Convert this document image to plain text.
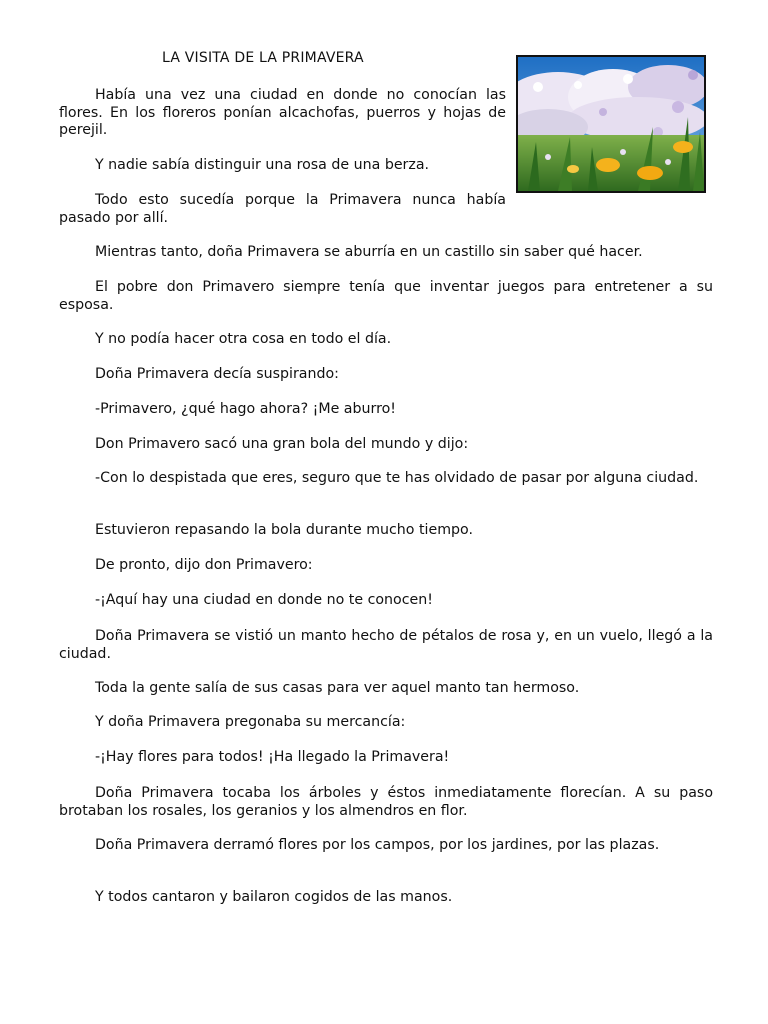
LA VISITA DE LA PRIMAVERA

Había una vez una ciudad en donde no conocían las flores. En los floreros ponían alcachofas, puerros y hojas de perejil.

Y nadie sabía distinguir una rosa de una berza.

Todo esto sucedía porque la Primavera nunca había pasado por allí.

Mientras tanto, doña Primavera se aburría en un castillo sin saber qué hacer.

El pobre don Primavero siempre tenía que inventar juegos para entretener a su esposa.

Y no podía hacer otra cosa en todo el día.

Doña Primavera decía suspirando:

-Primavero, ¿qué hago ahora? ¡Me aburro!

Don Primavero sacó una gran bola del mundo y dijo:

-Con lo despistada que eres, seguro que te has olvidado de pasar por alguna ciudad.

Estuvieron repasando la bola durante mucho tiempo.

De pronto, dijo don Primavero:

-¡Aquí hay una ciudad en donde no te conocen!

Doña Primavera se vistió un manto hecho de pétalos de rosa y, en un vuelo, llegó a la ciudad.

Toda la gente salía de sus casas para ver aquel manto tan hermoso.

Y doña Primavera pregonaba su mercancía:

-¡Hay flores para todos! ¡Ha llegado la Primavera!

Doña Primavera tocaba los árboles y éstos inmediatamente florecían. A su paso brotaban los rosales, los geranios y los almendros en flor.

Doña Primavera derramó flores por los campos, por los jardines, por las plazas.

Y todos cantaron y bailaron cogidos de las manos.
